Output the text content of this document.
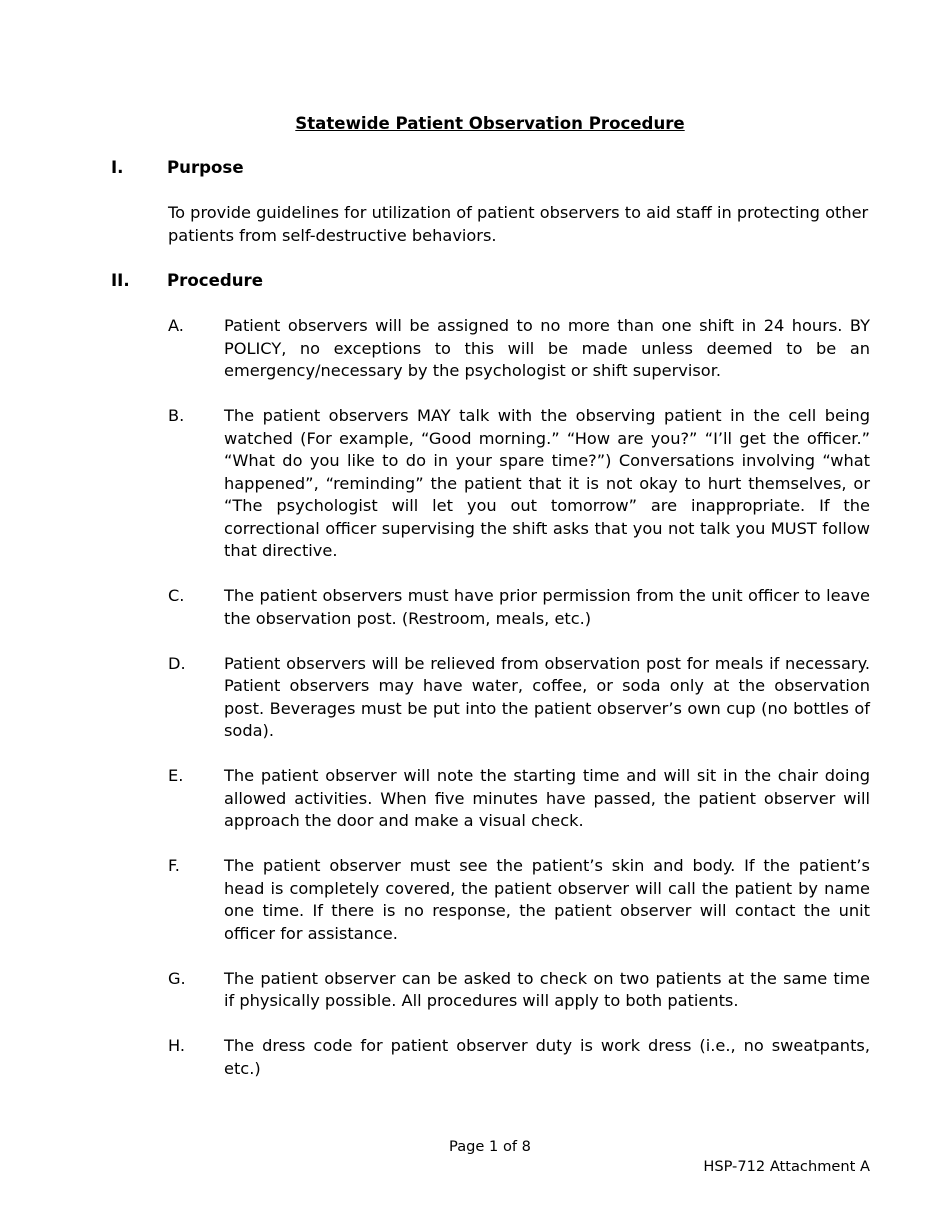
Statewide Patient Observation Procedure
I.	Purpose
To provide guidelines for utilization of patient observers to aid staff in protecting other patients from self-destructive behaviors.
II. Procedure
A.	Patient observers will be assigned to no more than one shift in 24 hours. BY POLICY, no exceptions to this will be made unless deemed to be an emergency/necessary by the psychologist or shift supervisor.
B.	The patient observers MAY talk with the observing patient in the cell being watched (For example, “Good morning.” “How are you?” “I’ll get the officer.” “What do you like to do in your spare time?”) Conversations involving “what happened”, “reminding” the patient that it is not okay to hurt themselves, or “The psychologist will let you out tomorrow” are inappropriate. If the correctional officer supervising the shift asks that you not talk you MUST follow that directive.
C.	The patient observers must have prior permission from the unit officer to leave the observation post. (Restroom, meals, etc.)
D.	Patient observers will be relieved from observation post for meals if necessary. Patient observers may have water, coffee, or soda only at the observation post. Beverages must be put into the patient observer’s own cup (no bottles of soda).
E.	The patient observer will note the starting time and will sit in the chair doing allowed activities. When five minutes have passed, the patient observer will approach the door and make a visual check.
F.	The patient observer must see the patient’s skin and body. If the patient’s head is completely covered, the patient observer will call the patient by name one time. If there is no response, the patient observer will contact the unit officer for assistance.
G.	The patient observer can be asked to check on two patients at the same time if physically possible. All procedures will apply to both patients.
H.	The dress code for patient observer duty is work dress (i.e., no sweatpants, etc.)
Page 1 of 8
HSP-712 Attachment A
